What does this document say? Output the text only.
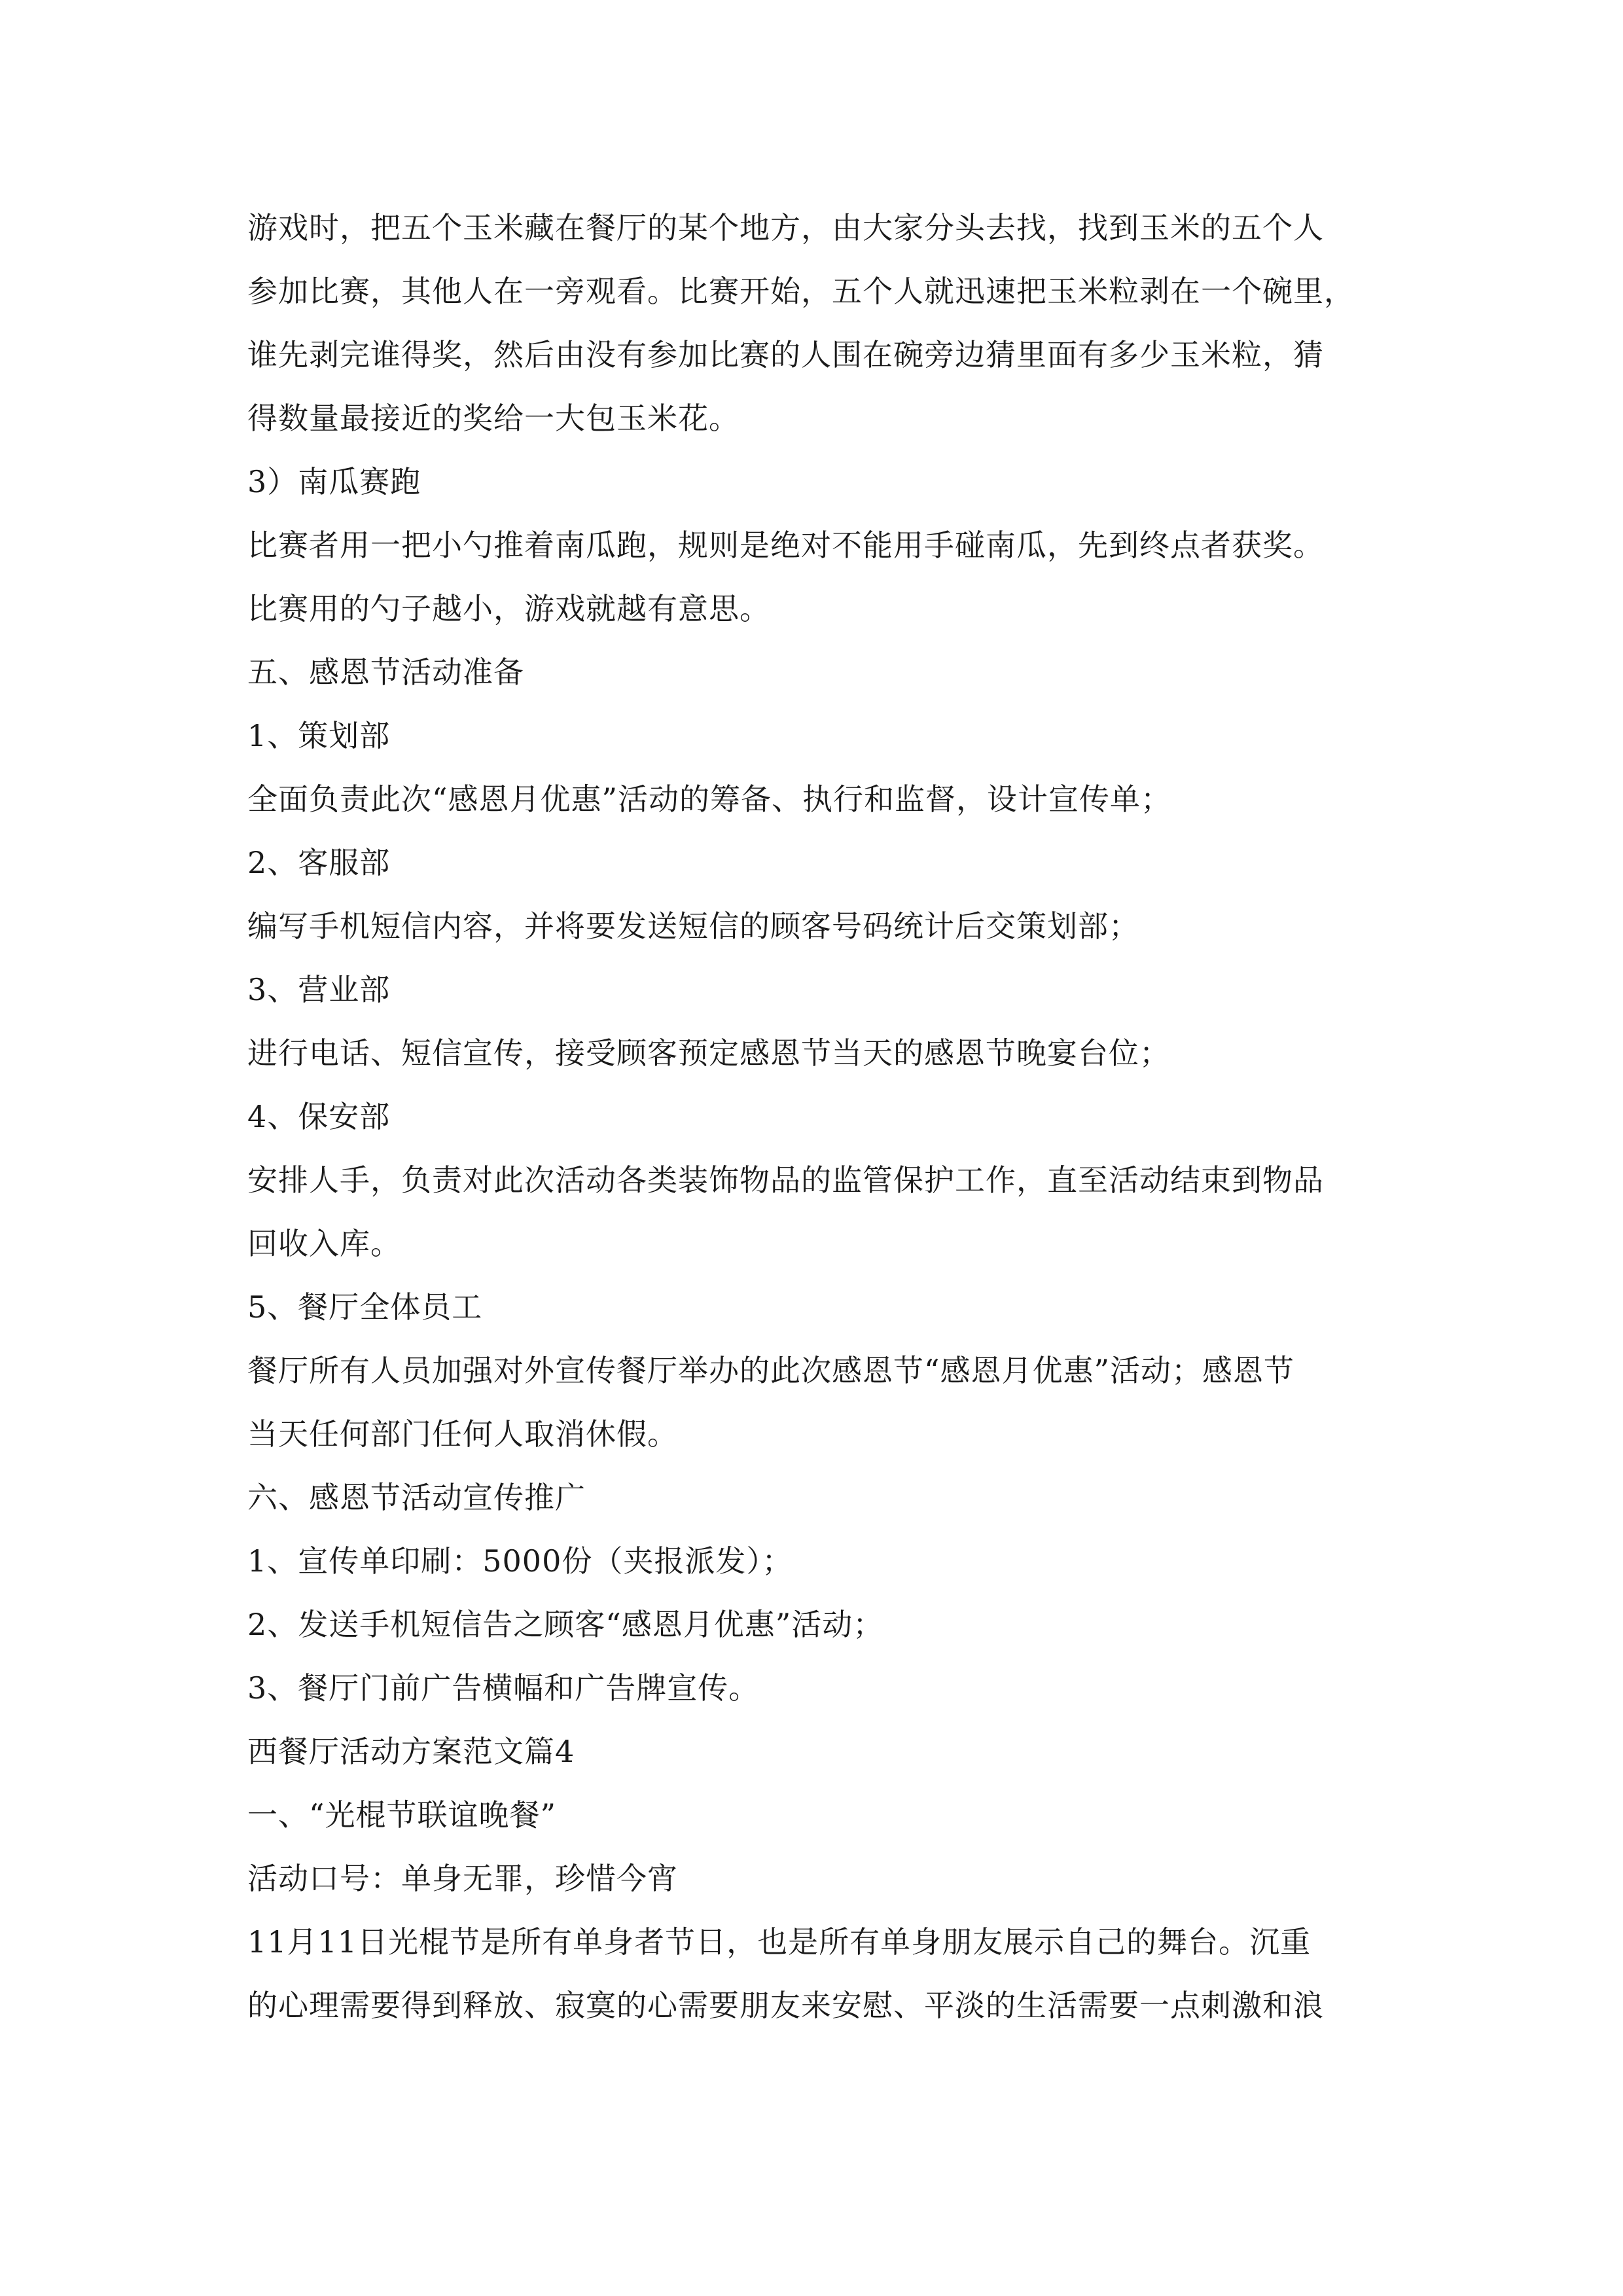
游戏时，把五个玉米藏在餐厅的某个地方，由大家分头去找，找到玉米的五个人
参加比赛，其他人在一旁观看。比赛开始，五个人就迅速把玉米粒剥在一个碗里，
谁先剥完谁得奖，然后由没有参加比赛的人围在碗旁边猜里面有多少玉米粒，猜
得数量最接近的奖给一大包玉米花。
3）南瓜赛跑
比赛者用一把小勺推着南瓜跑，规则是绝对不能用手碰南瓜，先到终点者获奖。
比赛用的勺子越小，游戏就越有意思。
五、感恩节活动准备
1、策划部
全面负责此次“感恩月优惠”活动的筹备、执行和监督，设计宣传单；
2、客服部
编写手机短信内容，并将要发送短信的顾客号码统计后交策划部；
3、营业部
进行电话、短信宣传，接受顾客预定感恩节当天的感恩节晚宴台位；
4、保安部
安排人手，负责对此次活动各类装饰物品的监管保护工作，直至活动结束到物品
回收入库。
5、餐厅全体员工
餐厅所有人员加强对外宣传餐厅举办的此次感恩节“感恩月优惠”活动；感恩节
当天任何部门任何人取消休假。
六、感恩节活动宣传推广
1、宣传单印刷：5000份（夹报派发）；
2、发送手机短信告之顾客“感恩月优惠”活动；
3、餐厅门前广告横幅和广告牌宣传。
西餐厅活动方案范文篇4
一、“光棍节联谊晚餐”
活动口号：单身无罪，珍惜今宵
11月11日光棍节是所有单身者节日，也是所有单身朋友展示自己的舞台。沉重
的心理需要得到释放、寂寞的心需要朋友来安慰、平淡的生活需要一点刺激和浪
